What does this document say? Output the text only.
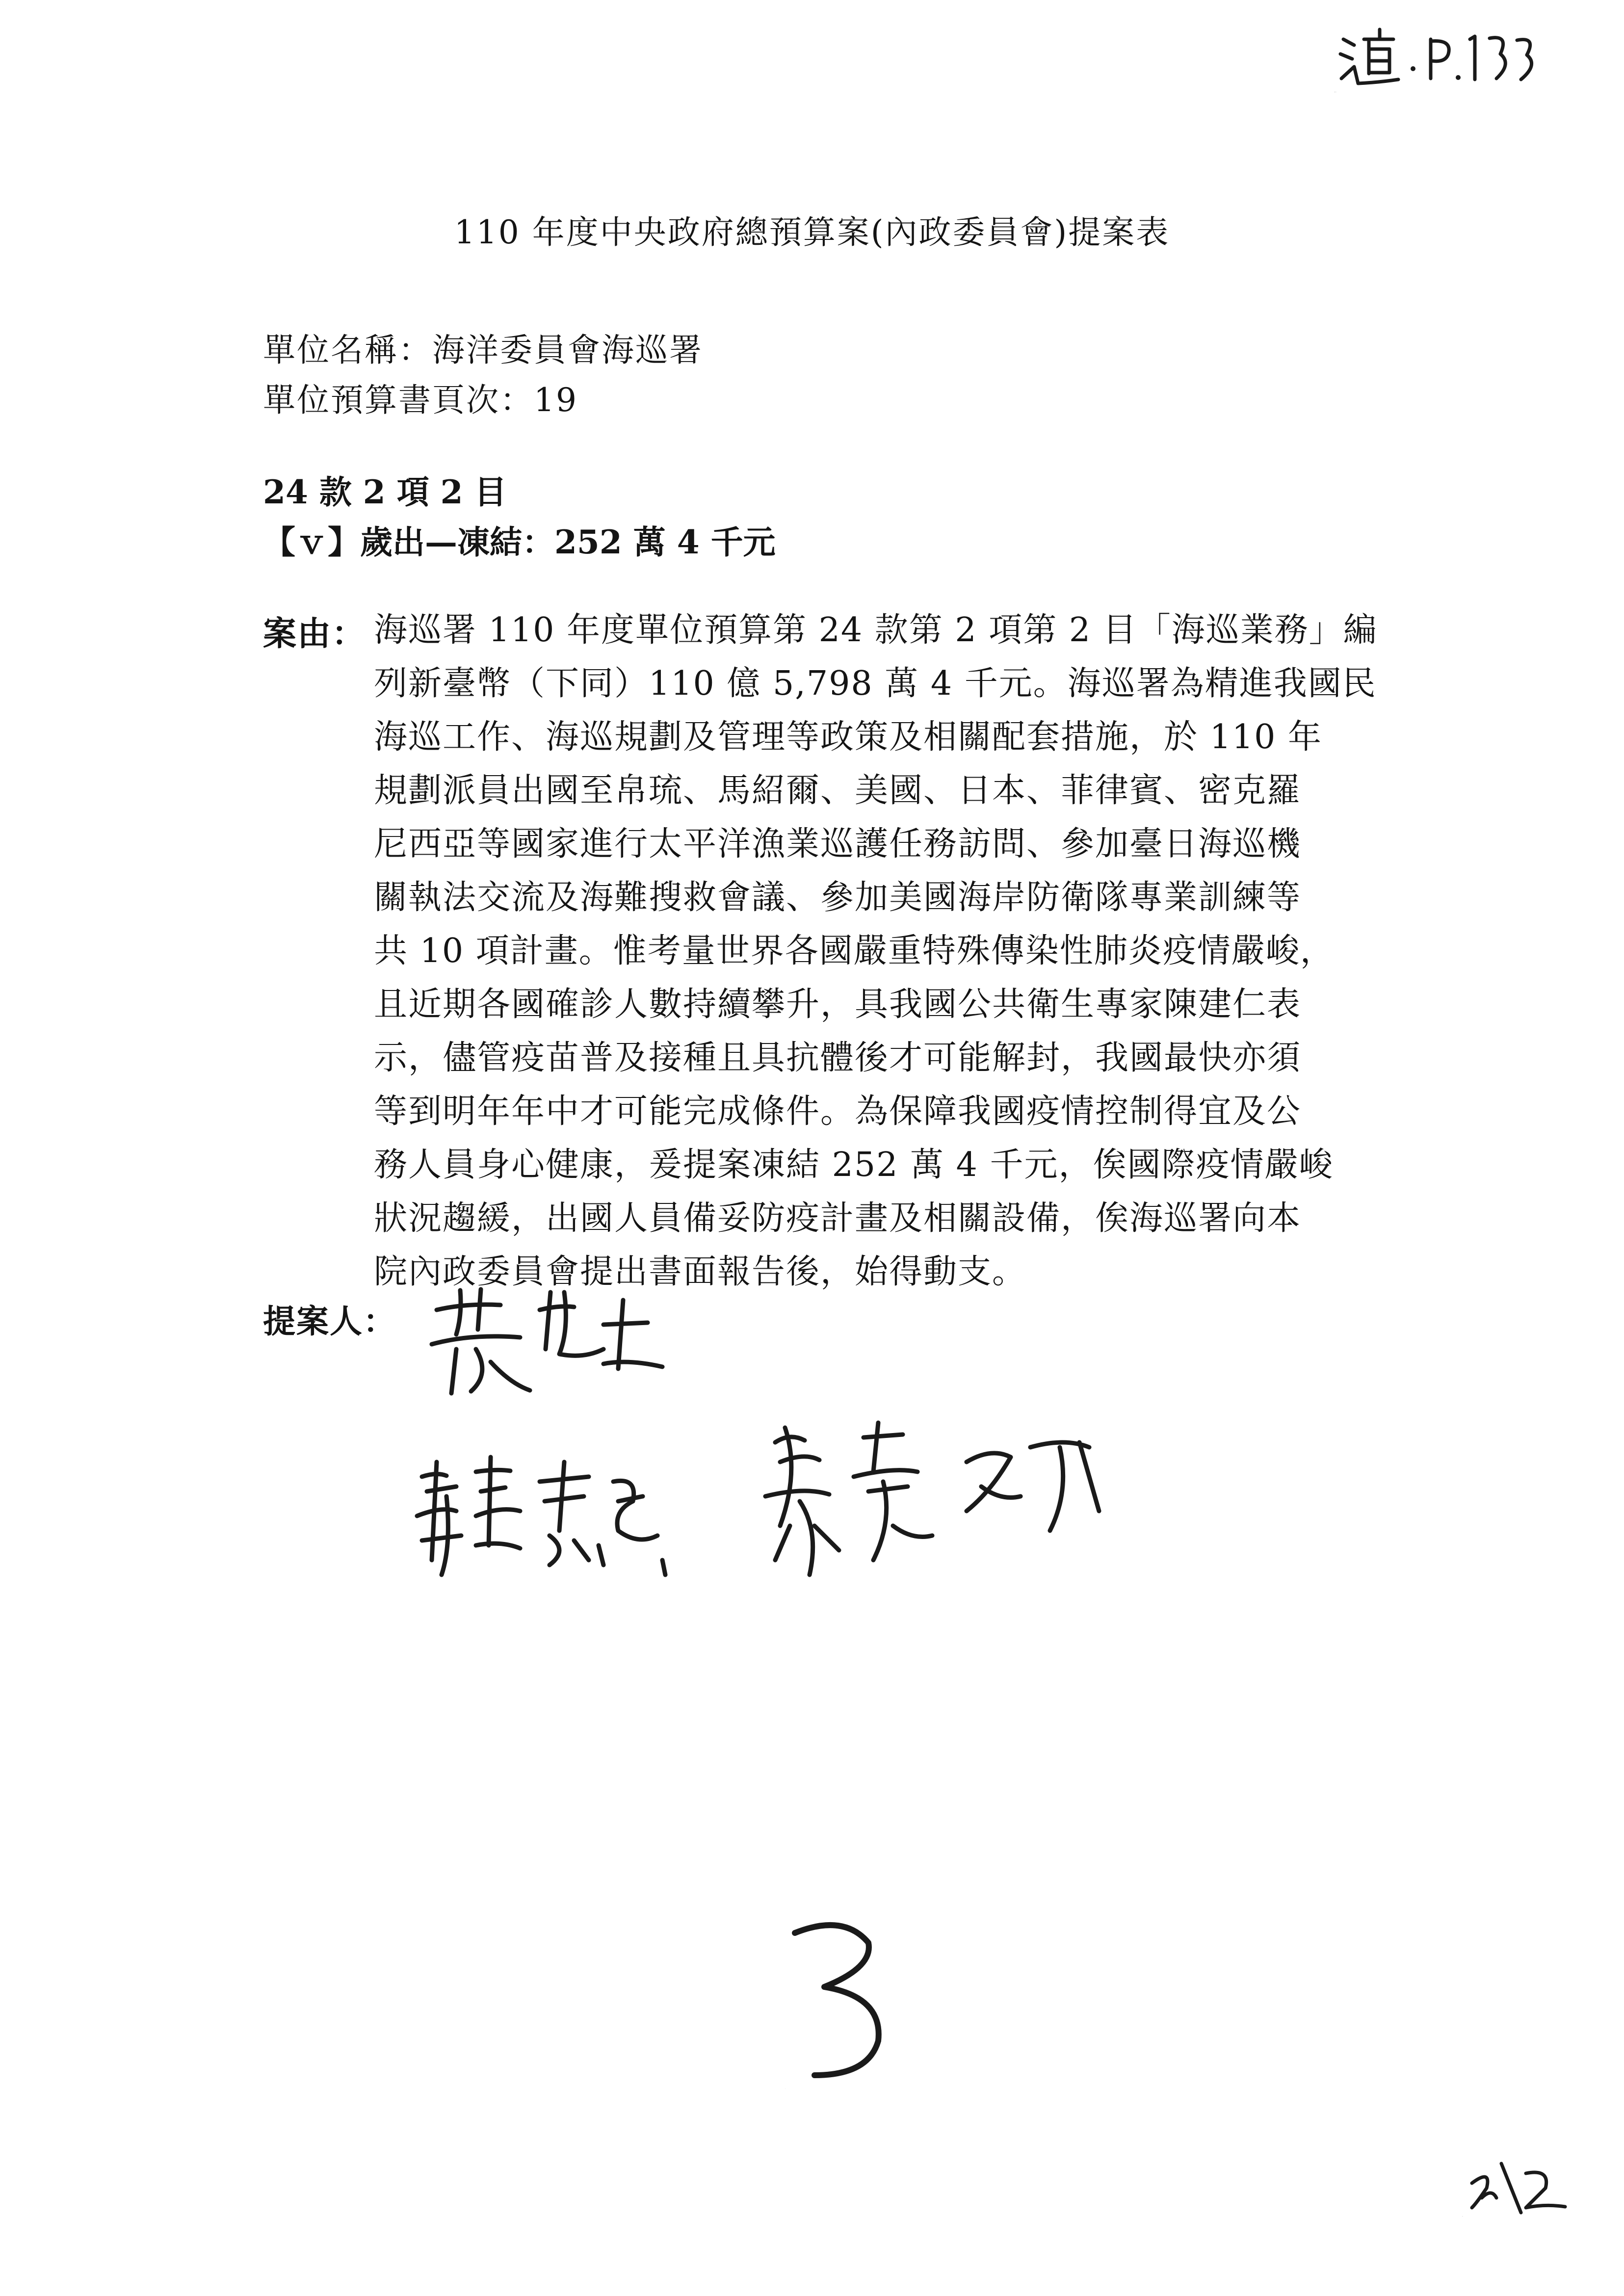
適.P.133
110 年度中央政府總預算案(內政委員會)提案表
單位名稱：海洋委員會海巡署
單位預算書頁次：19
24 款 2 項 2 目
【ｖ】歲出—凍結：252 萬 4 千元
案由： 海巡署 110 年度單位預算第 24 款第 2 項第 2 目「海巡業務」編
列新臺幣（下同）110 億 5,798 萬 4 千元。海巡署為精進我國民
海巡工作、海巡規劃及管理等政策及相關配套措施，於 110 年
規劃派員出國至帛琉、馬紹爾、美國、日本、菲律賓、密克羅
尼西亞等國家進行太平洋漁業巡護任務訪問、參加臺日海巡機
關執法交流及海難搜救會議、參加美國海岸防衛隊專業訓練等
共 10 項計畫。惟考量世界各國嚴重特殊傳染性肺炎疫情嚴峻，
且近期各國確診人數持續攀升，具我國公共衛生專家陳建仁表
示，儘管疫苗普及接種且具抗體後才可能解封，我國最快亦須
等到明年年中才可能完成條件。為保障我國疫情控制得宜及公
務人員身心健康，爰提案凍結 252 萬 4 千元，俟國際疫情嚴峻
狀況趨緩，出國人員備妥防疫計畫及相關設備，俟海巡署向本
院內政委員會提出書面報告後，始得動支。
提案人：
3
3/2
